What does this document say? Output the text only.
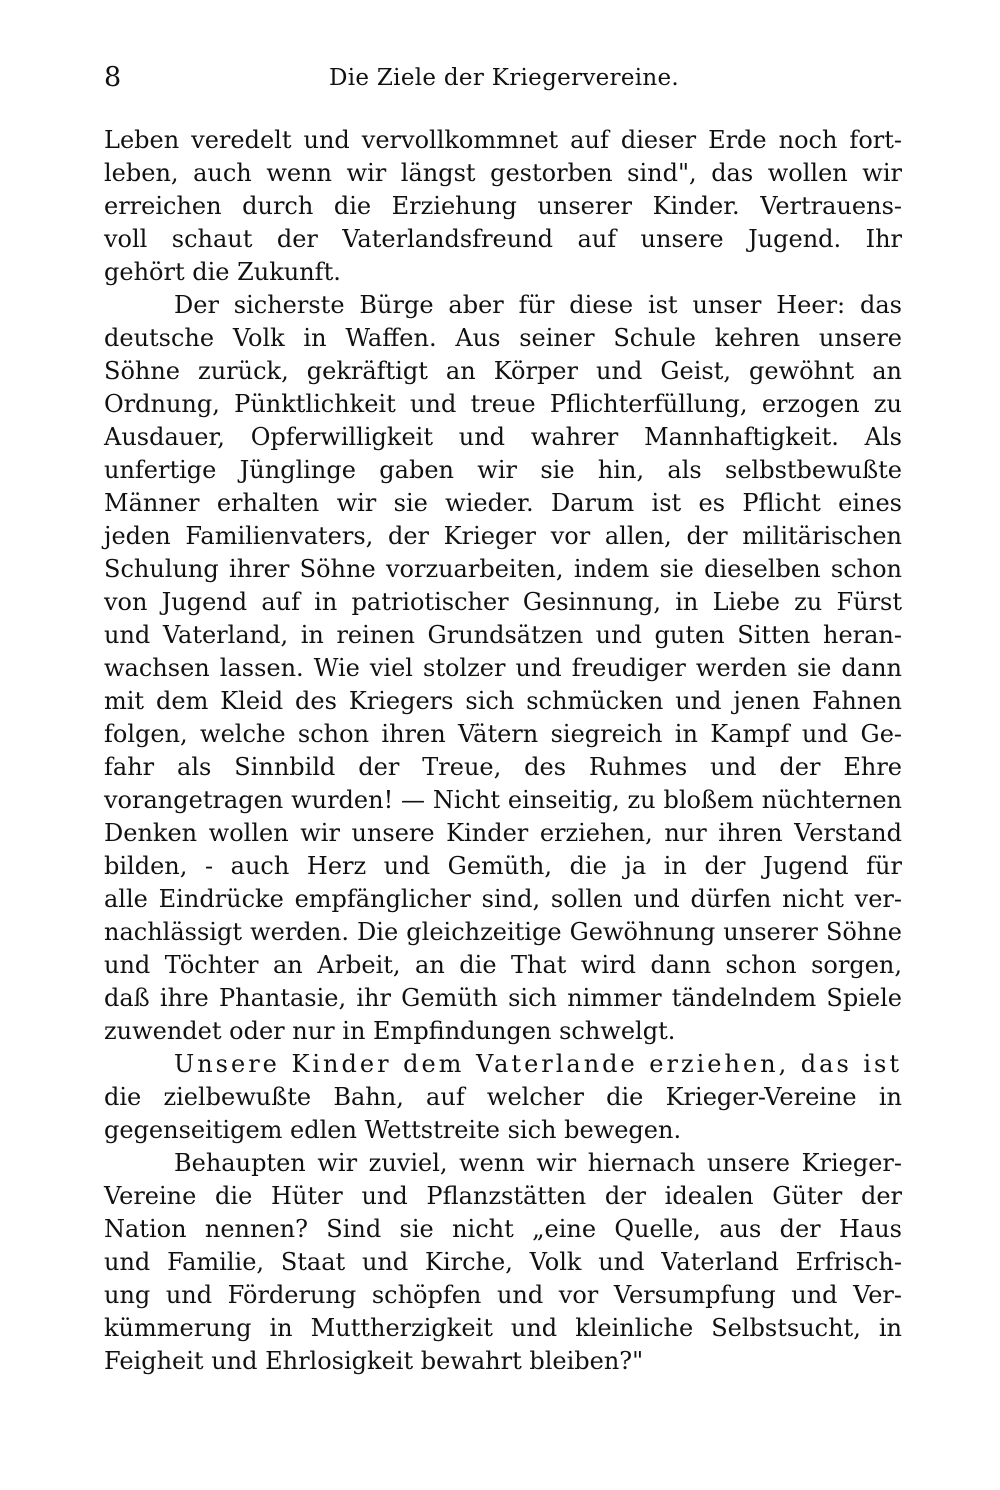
8	Die Ziele der Kriegervereine.
Leben veredelt und vervollkommnet auf dieser Erde noch fort-
leben, auch wenn wir längst gestorben sind", das wollen wir
erreichen durch die Erziehung unserer Kinder. Vertrauens-
voll schaut der Vaterlandsfreund auf unsere Jugend. Ihr
gehört die Zukunft.
Der sicherste Bürge aber für diese ist unser Heer: das
deutsche Volk in Waffen. Aus seiner Schule kehren unsere
Söhne zurück, gekräftigt an Körper und Geist, gewöhnt an
Ordnung, Pünktlichkeit und treue Pflichterfüllung, erzogen zu
Ausdauer, Opferwilligkeit und wahrer Mannhaftigkeit. Als
unfertige Jünglinge gaben wir sie hin, als selbstbewußte
Männer erhalten wir sie wieder. Darum ist es Pflicht eines
jeden Familienvaters, der Krieger vor allen, der militärischen
Schulung ihrer Söhne vorzuarbeiten, indem sie dieselben schon
von Jugend auf in patriotischer Gesinnung, in Liebe zu Fürst
und Vaterland, in reinen Grundsätzen und guten Sitten heran-
wachsen lassen. Wie viel stolzer und freudiger werden sie dann
mit dem Kleid des Kriegers sich schmücken und jenen Fahnen
folgen, welche schon ihren Vätern siegreich in Kampf und Ge-
fahr als Sinnbild der Treue, des Ruhmes und der Ehre
vorangetragen wurden! — Nicht einseitig, zu bloßem nüchternen
Denken wollen wir unsere Kinder erziehen, nur ihren Verstand
bilden, - auch Herz und Gemüth, die ja in der Jugend für
alle Eindrücke empfänglicher sind, sollen und dürfen nicht ver-
nachlässigt werden. Die gleichzeitige Gewöhnung unserer Söhne
und Töchter an Arbeit, an die That wird dann schon sorgen,
daß ihre Phantasie, ihr Gemüth sich nimmer tändelndem Spiele
zuwendet oder nur in Empfindungen schwelgt.
Unsere Kinder dem Vaterlande erziehen, das ist
die zielbewußte Bahn, auf welcher die Krieger-Vereine in
gegenseitigem edlen Wettstreite sich bewegen.
Behaupten wir zuviel, wenn wir hiernach unsere Krieger-
Vereine die Hüter und Pflanzstätten der idealen Güter der
Nation nennen? Sind sie nicht „eine Quelle, aus der Haus
und Familie, Staat und Kirche, Volk und Vaterland Erfrisch-
ung und Förderung schöpfen und vor Versumpfung und Ver-
kümmerung in Muttherzigkeit und kleinliche Selbstsucht, in
Feigheit und Ehrlosigkeit bewahrt bleiben?"
